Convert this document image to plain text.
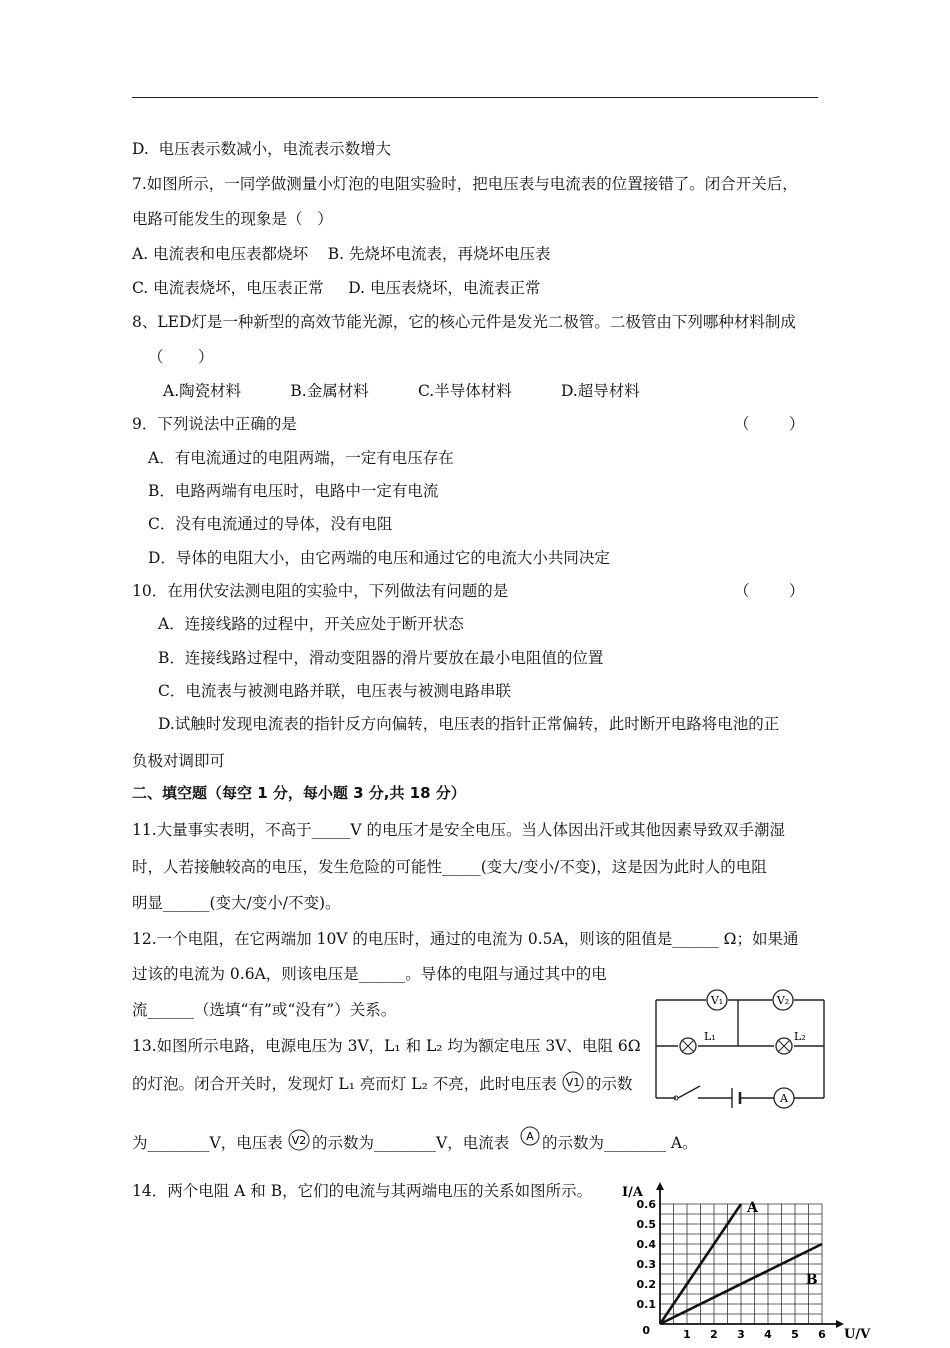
D.  电压表示数减小，电流表示数增大
7.如图所示，一同学做测量小灯泡的电阻实验时，把电压表与电流表的位置接错了。闭合开关后，
电路可能发生的现象是（   ）
A. 电流表和电压表都烧坏    B. 先烧坏电流表，再烧坏电压表
C. 电流表烧坏，电压表正常     D. 电压表烧坏，电流表正常
8、LED灯是一种新型的高效节能光源，它的核心元件是发光二极管。二极管由下列哪种材料制成
（       ）
A.陶瓷材料          B.金属材料          C.半导体材料          D.超导材料
9．下列说法中正确的是	（        ）
A．有电流通过的电阻两端，一定有电压存在
B．电路两端有电压时，电路中一定有电流
C．没有电流通过的导体，没有电阻
D．导体的电阻大小，由它两端的电压和通过它的电流大小共同决定
10．在用伏安法测电阻的实验中，下列做法有问题的是	（        ）
A．连接线路的过程中，开关应处于断开状态
B．连接线路过程中，滑动变阻器的滑片要放在最小电阻值的位置
C．电流表与被测电路并联，电压表与被测电路串联
D.试触时发现电流表的指针反方向偏转，电压表的指针正常偏转，此时断开电路将电池的正
负极对调即可
二、填空题（每空 1 分，每小题 3 分,共 18 分）
11.大量事实表明，不高于_____V 的电压才是安全电压。当人体因出汗或其他因素导致双手潮湿
时，人若接触较高的电压，发生危险的可能性_____(变大/变小/不变)，这是因为此时人的电阻
明显______(变大/变小/不变)。
12.一个电阻，在它两端加 10V 的电压时，通过的电流为 0.5A，则该的阻值是______ Ω；如果通
过该的电流为 0.6A，则该电压是______。导体的电阻与通过其中的电
流______（选填“有”或“没有”）关系。
13.如图所示电路，电源电压为 3V，L₁ 和 L₂ 均为额定电压 3V、电阻 6Ω
的灯泡。闭合开关时，发现灯 L₁ 亮而灯 L₂ 不亮，此时电压表 V1 的示数
为________V，电压表 V2 的示数为________V，电流表 A 的示数为________ A。
14．两个电阻 A 和 B，它们的电流与其两端电压的关系如图所示。
V₁	V₂
L₁	L₂
A
1 2 3 4 5 6
0.1
0.2
0.3
0.4
0.5
0.6
0
I/A
U/V
A
B
